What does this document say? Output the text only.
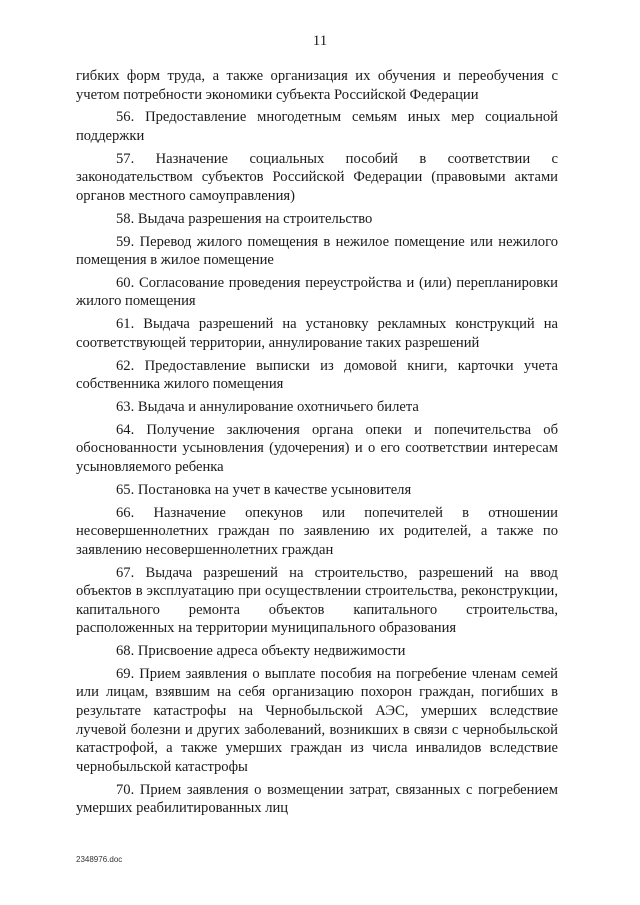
11

гибких форм труда, а также организация их обучения и переобучения с учетом потребности экономики субъекта Российской Федерации

56. Предоставление многодетным семьям иных мер социальной поддержки

57. Назначение социальных пособий в соответствии с законодательством субъектов Российской Федерации (правовыми актами органов местного самоуправления)

58. Выдача разрешения на строительство

59. Перевод жилого помещения в нежилое помещение или нежилого помещения в жилое помещение

60. Согласование проведения переустройства и (или) перепланировки жилого помещения

61. Выдача разрешений на установку рекламных конструкций на соответствующей территории, аннулирование таких разрешений

62. Предоставление выписки из домовой книги, карточки учета собственника жилого помещения

63. Выдача и аннулирование охотничьего билета

64. Получение заключения органа опеки и попечительства об обоснованности усыновления (удочерения) и о его соответствии интересам усыновляемого ребенка

65. Постановка на учет в качестве усыновителя

66. Назначение опекунов или попечителей в отношении несовершеннолетних граждан по заявлению их родителей, а также по заявлению несовершеннолетних граждан

67. Выдача разрешений на строительство, разрешений на ввод объектов в эксплуатацию при осуществлении строительства, реконструкции, капитального ремонта объектов капитального строительства, расположенных на территории муниципального образования

68. Присвоение адреса объекту недвижимости

69. Прием заявления о выплате пособия на погребение членам семей или лицам, взявшим на себя организацию похорон граждан, погибших в результате катастрофы на Чернобыльской АЭС, умерших вследствие лучевой болезни и других заболеваний, возникших в связи с чернобыльской катастрофой, а также умерших граждан из числа инвалидов вследствие чернобыльской катастрофы

70. Прием заявления о возмещении затрат, связанных с погребением умерших реабилитированных лиц

2348976.doc
